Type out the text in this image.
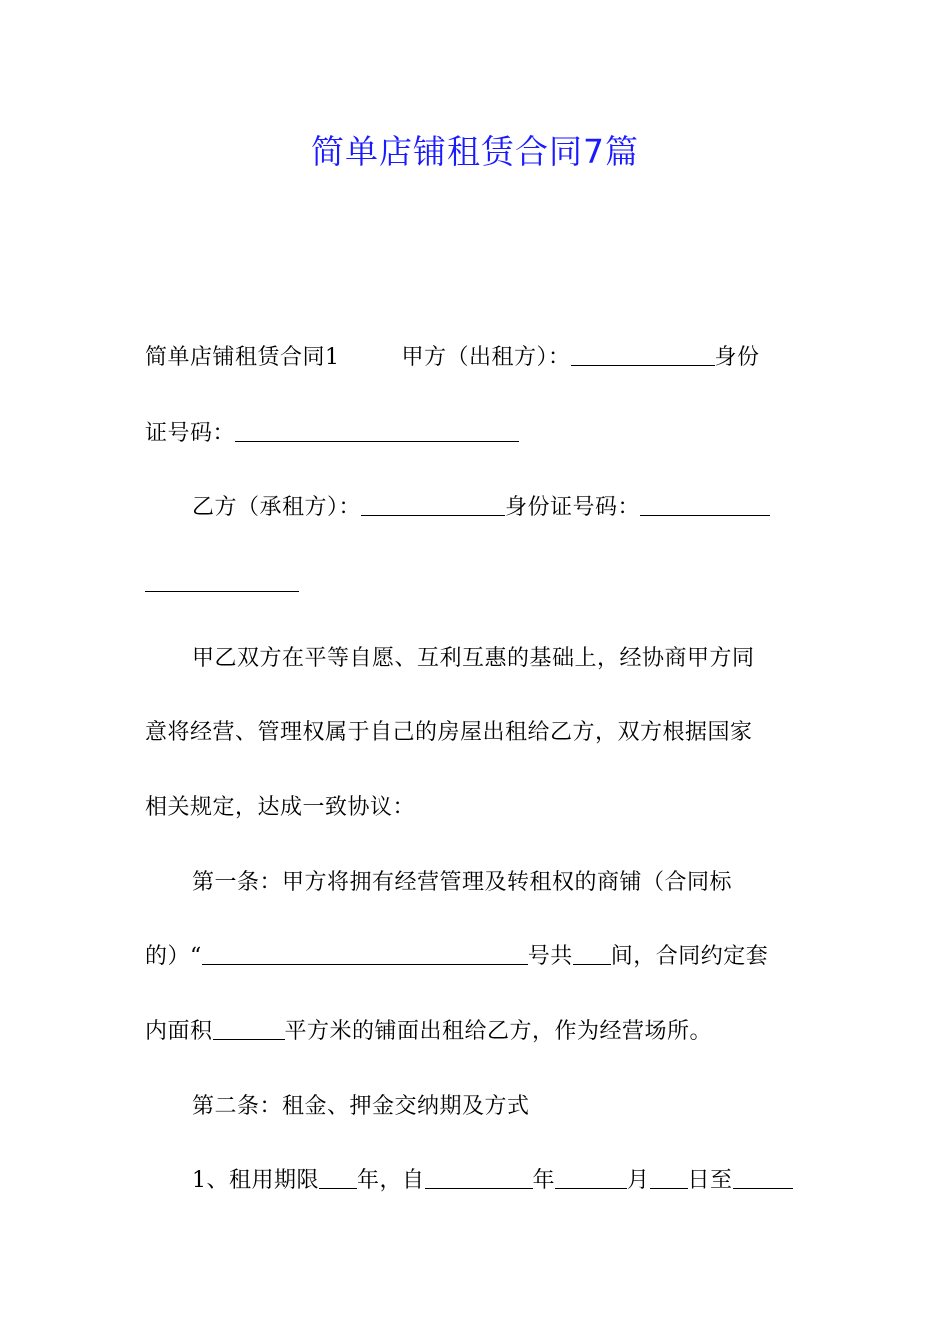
简单店铺租赁合同7篇
简单店铺租赁合同1	甲方（出租方）：	身份
证号码：
乙方（承租方）：	身份证号码：
甲乙双方在平等自愿、互利互惠的基础上，经协商甲方同
意将经营、管理权属于自己的房屋出租给乙方，双方根据国家
相关规定，达成一致协议：
第一条：甲方将拥有经营管理及转租权的商铺（合同标
的）“	号共 间，合同约定套
内面积	平方米的铺面出租给乙方，作为经营场所。
第二条：租金、押金交纳期及方式
1、租用期限 年，自	年	月 日至
